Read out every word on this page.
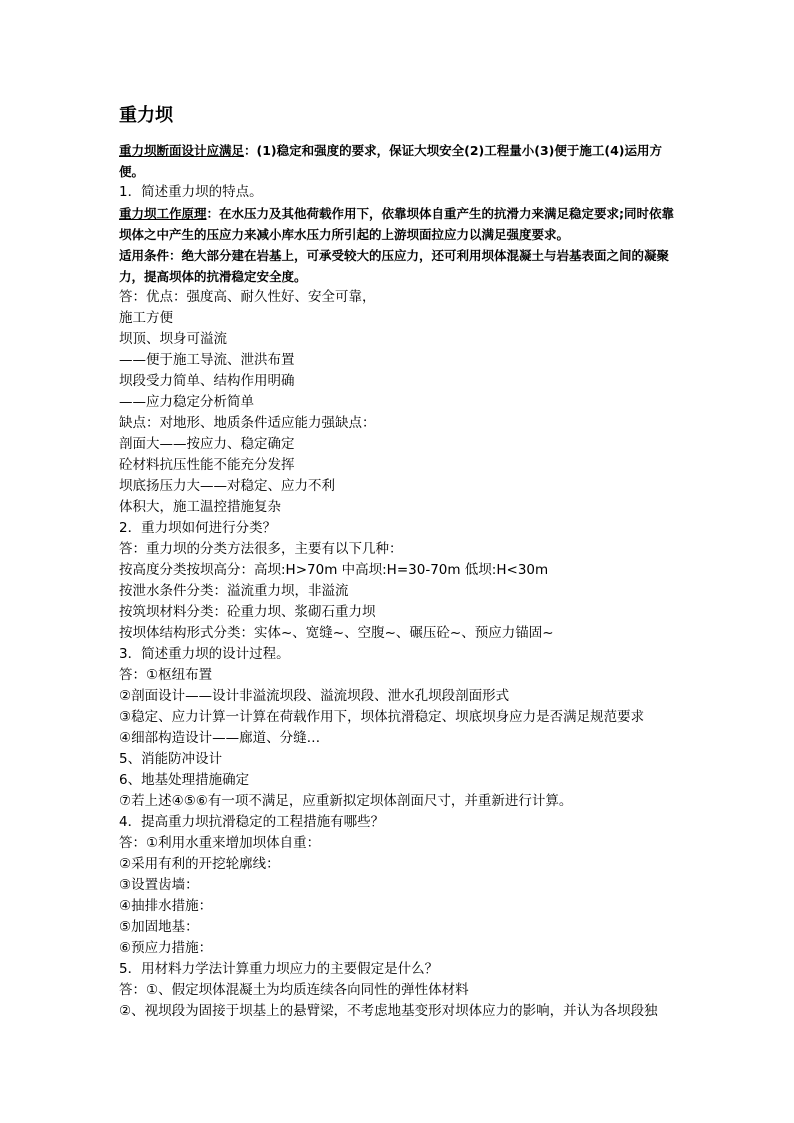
重力坝

重力坝断面设计应满足：(1)稳定和强度的要求，保证大坝安全(2)工程量小(3)便于施工(4)运用方便。

1．简述重力坝的特点。

重力坝工作原理：在水压力及其他荷载作用下，依靠坝体自重产生的抗滑力来满足稳定要求;同时依靠坝体之中产生的压应力来减小库水压力所引起的上游坝面拉应力以满足强度要求。

适用条件：绝大部分建在岩基上，可承受较大的压应力，还可利用坝体混凝土与岩基表面之间的凝聚力，提高坝体的抗滑稳定安全度。

答：优点：强度高、耐久性好、安全可靠，

施工方便

坝顶、坝身可溢流

——便于施工导流、泄洪布置

坝段受力简单、结构作用明确

——应力稳定分析简单

缺点：对地形、地质条件适应能力强缺点：

剖面大——按应力、稳定确定

砼材料抗压性能不能充分发挥

坝底扬压力大——对稳定、应力不利

体积大，施工温控措施复杂

2．重力坝如何进行分类？

答：重力坝的分类方法很多，主要有以下几种：

按高度分类按坝高分：高坝:H>70m 中高坝:H=30-70m 低坝:H<30m

按泄水条件分类：溢流重力坝，非溢流

按筑坝材料分类：砼重力坝、浆砌石重力坝

按坝体结构形式分类：实体~、宽缝~、空腹~、碾压砼~、预应力锚固~

3．简述重力坝的设计过程。

答：①枢纽布置

②剖面设计——设计非溢流坝段、溢流坝段、泄水孔坝段剖面形式

③稳定、应力计算一计算在荷载作用下，坝体抗滑稳定、坝底坝身应力是否满足规范要求

④细部构造设计——廊道、分缝…

5、消能防冲设计

6、地基处理措施确定

⑦若上述④⑤⑥有一项不满足，应重新拟定坝体剖面尺寸，并重新进行计算。

4．提高重力坝抗滑稳定的工程措施有哪些？

答：①利用水重来增加坝体自重：

②采用有利的开挖轮廓线：

③设置齿墙：

④抽排水措施：

⑤加固地基：

⑥预应力措施：

5．用材料力学法计算重力坝应力的主要假定是什么？

答：①、假定坝体混凝土为均质连续各向同性的弹性体材料

②、视坝段为固接于坝基上的悬臂梁，不考虑地基变形对坝体应力的影响，并认为各坝段独
